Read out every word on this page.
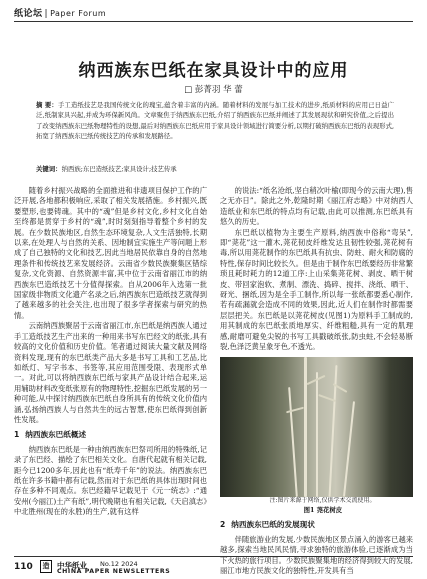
纸论坛 | Paper Forum
纳西族东巴纸在家具设计中的应用
□ 彭菁羽 华 蕾

摘 要：手工造纸技艺是我国传统文化的瑰宝,蕴含着丰富的内涵。随着材料的发展与加工技术的进步,纸质材料的应用已日益广泛,纸制家具兴起,并成为环保新风尚。文章聚焦于纳西族东巴纸,介绍了纳西族东巴纸并阐述了其发展现状和研究价值,之后提出了改变纳西族东巴纸物理特性的设想,最后对纳西族东巴纸应用于家具设计领域进行简要分析,以期打破纳西族东巴纸的表现形式,拓宽了纳西族东巴纸传统技艺的传承和发展路径。

关键词：纳西族;东巴造纸技艺;家具设计;技艺传承

随着乡村振兴战略的全面推进和非遗项目保护工作的广泛开展,各地都积极响应,采取了相关发展措施。乡村振兴,既要塑形,也要铸魂。其中的“魂”但是乡村文化,乡村文化自始至终都是贯穿于乡村的“魂”,时时刻刻指导着整个乡村的发展。在少数民族地区,自然生态环境复杂,人文生活独特,长期以来,在处理人与自然的关系、因地制宜实施生产等问题上形成了自己独特的文化和技艺,因此当地居民依靠自身的自然地理条件和传统技艺来发展经济。云南省少数民族聚集区错综复杂,文化资源、自然资源丰富,其中位于云南省丽江市的纳西族东巴造纸技艺十分值得探索。自从2006年入选第一批国家级非物质文化遗产名录之后,纳西族东巴造纸技艺就得到了越来越多的社会关注,也出现了很多学者探索与研究的热情。

云南纳西族聚居于云南省丽江市,东巴纸是纳西族人通过手工造纸技艺生产出来的一种用来书写东巴经文的纸张,具有较高的文化价值和历史价值。笔者通过阅读大量文献及网络资料发现,现有的东巴纸类产品大多是书写工具和工艺品,比如纸灯、写字书本、书签等,其应用范围受限、表现形式单一。对此,可以将纳西族东巴纸与家具产品设计结合起来,运用辅助材料改变纸张原有的物理特性,挖掘东巴纸发展的另一种可能,从中探讨纳西族东巴纸自身所具有的传统文化价值内涵,弘扬纳西族人与自然共生的远古智慧,使东巴纸得到创新性发展。

1 纳西族东巴纸概述

纳西族东巴纸是一种由纳西族东巴祭司所用的特殊纸,记录了东巴经、描绘了东巴相关文化。自唐代起就有相关记载,距今已1200多年,因此也有“纸寿千年”的说法。纳西族东巴纸在许多书籍中都有记载,然而对于东巴纸的具体出现时间也存在多种不同观点。东巴经籍早记载见于《元一统志》:“通安州(今丽江)土产有纸”,明代晚期也有相关记载,《天启滇志》中北胜州(现在的永胜)的生产,就有这样

的说法:“纸名沧纸,坚白稍次叶榆(即现今的云南大理),售之无亦日”。除此之外,乾隆时期《丽江府志略》中对纳西人造纸业和东巴纸的特点均有记载,由此可以推测,东巴纸具有悠久的历史。

东巴纸以植物为主要生产原料,纳西族中俗称“弯呆”,即“荛花”这一灌木,荛花韧皮纤维发达且韧性较强,荛花树有毒,所以用荛花制作的东巴纸具有抗虫、防蛀、耐火和防腐的特性,保存时间比较长久。但是由于制作东巴纸要经历非常繁琐且耗时耗力的12道工序:上山采集荛花树、剥皮、晒干树皮、带回家泡软、煮制、漂洗、捣碎、搅拌、浇纸、晒干、砑光、捆纸,因为是全手工制作,所以每一张纸都要悉心制作,若有疏漏就会造成不同的效果,因此,近人们在制作时都需要层层把关。东巴纸是以荛花树皮(见图1)为原料手工制成的,用其制成的东巴纸张质地厚实、纤维粗糙,具有一定的肌理感,耐磨可避免尖锐的书写工具戳破纸张,防虫蛀,不会轻易断裂,色泽泛黄呈象牙色,不透光。

注:图片来源于网络,仅供学术交流使用。

图1 荛花树皮

2 纳西族东巴纸的发展现状

伴随旅游业的发展,少数民族地区景点涌入的游客已越来越多,探索当地民风民情,寻求独特的旅游体验,已逐渐成为当下火热的旅行项目。少数民族聚集地的经济得到较大的发展,丽江市地方民族文化的独特性,开发具有当

110	造	中华纸业 No.12 2024
CHINA PAPER NEWSLETTERS
